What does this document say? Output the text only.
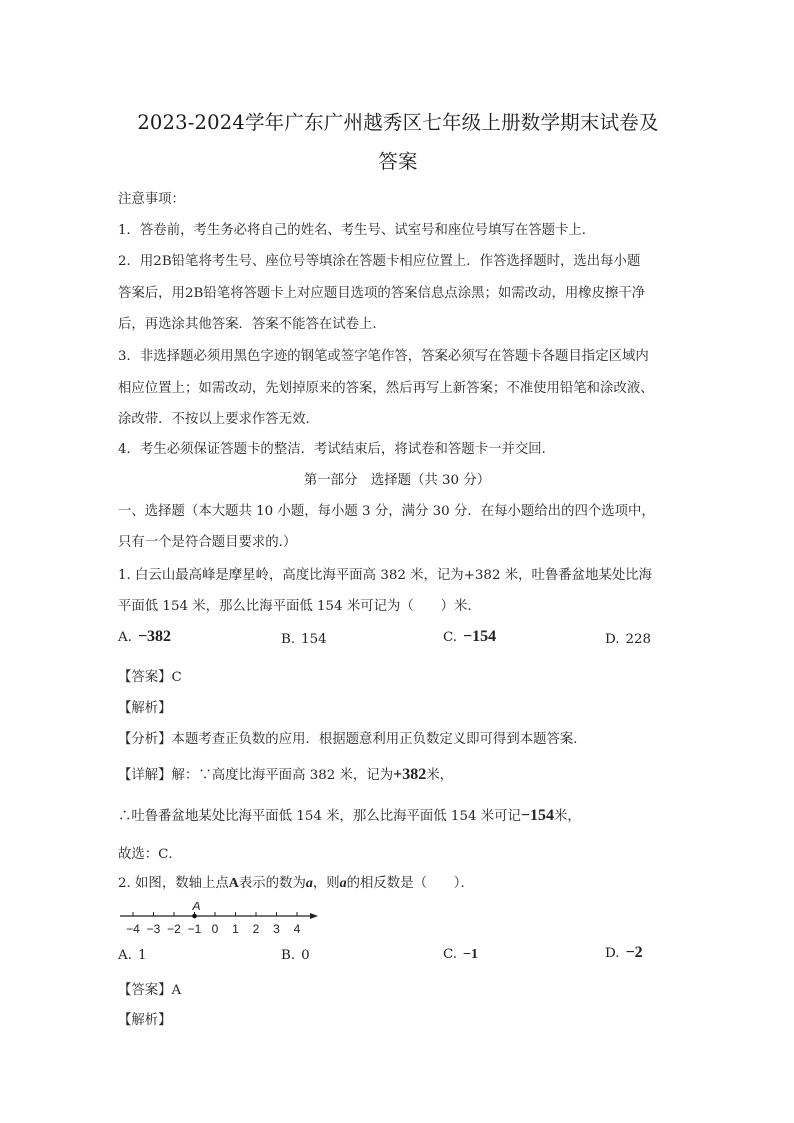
2023-2024学年广东广州越秀区七年级上册数学期末试卷及
答案
注意事项：
1．答卷前，考生务必将自己的姓名、考生号、试室号和座位号填写在答题卡上．
2．用2B铅笔将考生号、座位号等填涂在答题卡相应位置上．作答选择题时，选出每小题
答案后，用2B铅笔将答题卡上对应题目选项的答案信息点涂黑；如需改动，用橡皮擦干净
后，再选涂其他答案．答案不能答在试卷上．
3．非选择题必须用黑色字迹的钢笔或签字笔作答，答案必须写在答题卡各题目指定区域内
相应位置上；如需改动，先划掉原来的答案，然后再写上新答案；不准使用铅笔和涂改液、
涂改带．不按以上要求作答无效．
4．考生必须保证答题卡的整洁．考试结束后，将试卷和答题卡一并交回．
第一部分　选择题（共 30 分）
一、选择题（本大题共 10 小题，每小题 3 分，满分 30 分．在每小题给出的四个选项中，
只有一个是符合题目要求的.）
1. 白云山最高峰是摩星岭，高度比海平面高 382 米，记为+382 米，吐鲁番盆地某处比海
平面低 154 米，那么比海平面低 154 米可记为（　　）米．
A. −382	B. 154	C. −154	D. 228
【答案】C
【解析】
【分析】本题考查正负数的应用．根据题意利用正负数定义即可得到本题答案．
【详解】解：∵高度比海平面高 382 米，记为+382米，
∴吐鲁番盆地某处比海平面低 154 米，那么比海平面低 154 米可记−154米，
故选：C．
2. 如图，数轴上点A表示的数为a，则a的相反数是（　　）．
−4 −3 −2 −1 0 1 2 3 4
A
A. 1	B. 0	C. −1	D. −2
【答案】A
【解析】
